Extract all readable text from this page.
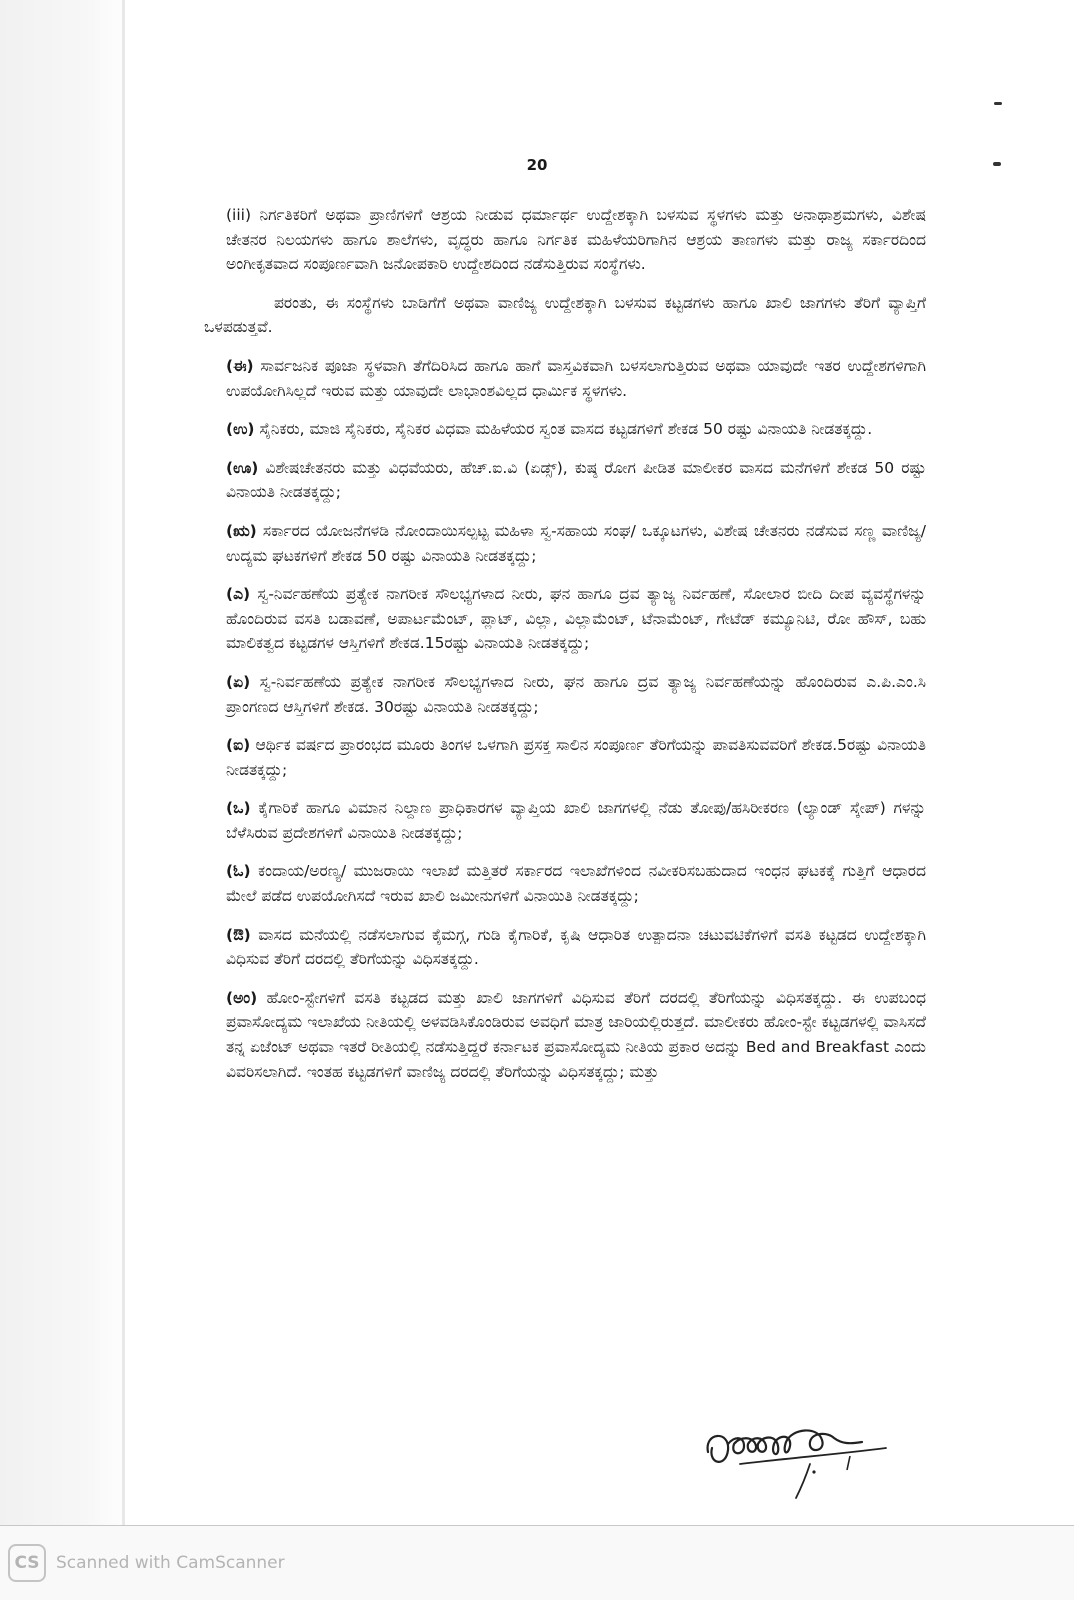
20

(iii) ನಿರ್ಗತಿಕರಿಗೆ ಅಥವಾ ಪ್ರಾಣಿಗಳಿಗೆ ಆಶ್ರಯ ನೀಡುವ ಧರ್ಮಾರ್ಥ ಉದ್ದೇಶಕ್ಕಾಗಿ ಬಳಸುವ ಸ್ಥಳಗಳು ಮತ್ತು ಅನಾಥಾಶ್ರಮಗಳು, ವಿಶೇಷ ಚೇತನರ ನಿಲಯಗಳು ಹಾಗೂ ಶಾಲೆಗಳು, ವೃದ್ಧರು ಹಾಗೂ ನಿರ್ಗತಿಕ ಮಹಿಳೆಯರಿಗಾಗಿನ ಆಶ್ರಯ ತಾಣಗಳು ಮತ್ತು ರಾಜ್ಯ ಸರ್ಕಾರದಿಂದ ಅಂಗೀಕೃತವಾದ ಸಂಪೂರ್ಣವಾಗಿ ಜನೋಪಕಾರಿ ಉದ್ದೇಶದಿಂದ ನಡೆಸುತ್ತಿರುವ ಸಂಸ್ಥೆಗಳು.

ಪರಂತು, ಈ ಸಂಸ್ಥೆಗಳು ಬಾಡಿಗೆಗೆ ಅಥವಾ ವಾಣಿಜ್ಯ ಉದ್ದೇಶಕ್ಕಾಗಿ ಬಳಸುವ ಕಟ್ಟಡಗಳು ಹಾಗೂ ಖಾಲಿ ಜಾಗಗಳು ತೆರಿಗೆ ವ್ಯಾಪ್ತಿಗೆ ಒಳಪಡುತ್ತವೆ.

(ಈ) ಸಾರ್ವಜನಿಕ ಪೂಜಾ ಸ್ಥಳವಾಗಿ ತೆಗೆದಿರಿಸಿದ ಹಾಗೂ ಹಾಗೆ ವಾಸ್ತವಿಕವಾಗಿ ಬಳಸಲಾಗುತ್ತಿರುವ ಅಥವಾ ಯಾವುದೇ ಇತರ ಉದ್ದೇಶಗಳಿಗಾಗಿ ಉಪಯೋಗಿಸಿಲ್ಲದೆ ಇರುವ ಮತ್ತು ಯಾವುದೇ ಲಾಭಾಂಶವಿಲ್ಲದ ಧಾರ್ಮಿಕ ಸ್ಥಳಗಳು.

(ಉ) ಸೈನಿಕರು, ಮಾಜಿ ಸೈನಿಕರು, ಸೈನಿಕರ ವಿಧವಾ ಮಹಿಳೆಯರ ಸ್ವಂತ ವಾಸದ ಕಟ್ಟಡಗಳಿಗೆ ಶೇಕಡ 50 ರಷ್ಟು ವಿನಾಯತಿ ನೀಡತಕ್ಕದ್ದು.

(ಊ) ವಿಶೇಷಚೇತನರು ಮತ್ತು ವಿಧವೆಯರು, ಹೆಚ್.ಐ.ವಿ (ಏಡ್ಸ್), ಕುಷ್ಠ ರೋಗ ಪೀಡಿತ ಮಾಲೀಕರ ವಾಸದ ಮನೆಗಳಿಗೆ ಶೇಕಡ 50 ರಷ್ಟು ವಿನಾಯತಿ ನೀಡತಕ್ಕದ್ದು;

(ಋ) ಸರ್ಕಾರದ ಯೋಜನೆಗಳಡಿ ನೋಂದಾಯಿಸಲ್ಪಟ್ಟ ಮಹಿಳಾ ಸ್ವ-ಸಹಾಯ ಸಂಘ/ ಒಕ್ಕೂಟಗಳು, ವಿಶೇಷ ಚೇತನರು ನಡೆಸುವ ಸಣ್ಣ ವಾಣಿಜ್ಯ/ ಉದ್ಯಮ ಘಟಕಗಳಿಗೆ ಶೇಕಡ 50 ರಷ್ಟು ವಿನಾಯತಿ ನೀಡತಕ್ಕದ್ದು;

(ಎ) ಸ್ವ-ನಿರ್ವಹಣೆಯ ಪ್ರತ್ಯೇಕ ನಾಗರೀಕ ಸೌಲಭ್ಯಗಳಾದ ನೀರು, ಘನ ಹಾಗೂ ದ್ರವ ತ್ಯಾಜ್ಯ ನಿರ್ವಹಣೆ, ಸೋಲಾರ ಬೀದಿ ದೀಪ ವ್ಯವಸ್ಥೆಗಳನ್ನು ಹೊಂದಿರುವ ವಸತಿ ಬಡಾವಣೆ, ಅಪಾರ್ಟಮೆಂಟ್, ಪ್ಲಾಟ್, ವಿಲ್ಲಾ, ವಿಲ್ಲಾಮೆಂಟ್, ಟೆನಾಮೆಂಟ್, ಗೇಟೆಡ್ ಕಮ್ಯೂನಿಟಿ, ರೋ ಹೌಸ್, ಬಹು ಮಾಲಿಕತ್ವದ ಕಟ್ಟಡಗಳ ಆಸ್ತಿಗಳಿಗೆ ಶೇಕಡ.15ರಷ್ಟು ವಿನಾಯತಿ ನೀಡತಕ್ಕದ್ದು;

(ಏ) ಸ್ವ-ನಿರ್ವಹಣೆಯ ಪ್ರತ್ಯೇಕ ನಾಗರೀಕ ಸೌಲಭ್ಯಗಳಾದ ನೀರು, ಘನ ಹಾಗೂ ದ್ರವ ತ್ಯಾಜ್ಯ ನಿರ್ವಹಣೆಯನ್ನು ಹೊಂದಿರುವ ಎ.ಪಿ.ಎಂ.ಸಿ ಪ್ರಾಂಗಣದ ಆಸ್ತಿಗಳಿಗೆ ಶೇಕಡ. 30ರಷ್ಟು ವಿನಾಯತಿ ನೀಡತಕ್ಕದ್ದು;

(ಐ) ಆರ್ಥಿಕ ವರ್ಷದ ಪ್ರಾರಂಭದ ಮೂರು ತಿಂಗಳ ಒಳಗಾಗಿ ಪ್ರಸಕ್ತ ಸಾಲಿನ ಸಂಪೂರ್ಣ ತೆರಿಗೆಯನ್ನು ಪಾವತಿಸುವವರಿಗೆ ಶೇಕಡ.5ರಷ್ಟು ವಿನಾಯತಿ ನೀಡತಕ್ಕದ್ದು;

(ಒ) ಕೈಗಾರಿಕೆ ಹಾಗೂ ವಿಮಾನ ನಿಲ್ದಾಣ ಪ್ರಾಧಿಕಾರಗಳ ವ್ಯಾಪ್ತಿಯ ಖಾಲಿ ಜಾಗಗಳಲ್ಲಿ ನೆಡು ತೋಪು/ಹಸಿರೀಕರಣ (ಲ್ಯಾಂಡ್ ಸ್ಕೇಪ್) ಗಳನ್ನು ಬೆಳೆಸಿರುವ ಪ್ರದೇಶಗಳಿಗೆ ವಿನಾಯಿತಿ ನೀಡತಕ್ಕದ್ದು;

(ಓ) ಕಂದಾಯ/ಅರಣ್ಯ/ ಮುಜರಾಯಿ ಇಲಾಖೆ ಮತ್ತಿತರೆ ಸರ್ಕಾರದ ಇಲಾಖೆಗಳಿಂದ ನವೀಕರಿಸಬಹುದಾದ ಇಂಧನ ಘಟಕಕ್ಕೆ ಗುತ್ತಿಗೆ ಆಧಾರದ ಮೇಲೆ ಪಡೆದ ಉಪಯೋಗಿಸದೆ ಇರುವ ಖಾಲಿ ಜಮೀನುಗಳಿಗೆ ವಿನಾಯಿತಿ ನೀಡತಕ್ಕದ್ದು;

(ಔ) ವಾಸದ ಮನೆಯಲ್ಲಿ ನಡೆಸಲಾಗುವ ಕೈಮಗ್ಗ, ಗುಡಿ ಕೈಗಾರಿಕೆ, ಕೃಷಿ ಆಧಾರಿತ ಉತ್ಪಾದನಾ ಚಟುವಟಿಕೆಗಳಿಗೆ ವಸತಿ ಕಟ್ಟಡದ ಉದ್ದೇಶಕ್ಕಾಗಿ ವಿಧಿಸುವ ತೆರಿಗೆ ದರದಲ್ಲಿ ತೆರಿಗೆಯನ್ನು ವಿಧಿಸತಕ್ಕದ್ದು.

(ಅಂ) ಹೋಂ-ಸ್ಟೇಗಳಿಗೆ ವಸತಿ ಕಟ್ಟಡದ ಮತ್ತು ಖಾಲಿ ಜಾಗಗಳಿಗೆ ವಿಧಿಸುವ ತೆರಿಗೆ ದರದಲ್ಲಿ ತೆರಿಗೆಯನ್ನು ವಿಧಿಸತಕ್ಕದ್ದು. ಈ ಉಪಬಂಧ ಪ್ರವಾಸೋದ್ಯಮ ಇಲಾಖೆಯ ನೀತಿಯಲ್ಲಿ ಅಳವಡಿಸಿಕೊಂಡಿರುವ ಅವಧಿಗೆ ಮಾತ್ರ ಜಾರಿಯಲ್ಲಿರುತ್ತದೆ. ಮಾಲೀಕರು ಹೋಂ-ಸ್ಟೇ ಕಟ್ಟಡಗಳಲ್ಲಿ ವಾಸಿಸದೆ ತನ್ನ ಏಜೆಂಟ್ ಅಥವಾ ಇತರೆ ರೀತಿಯಲ್ಲಿ ನಡೆಸುತ್ತಿದ್ದರೆ ಕರ್ನಾಟಕ ಪ್ರವಾಸೋದ್ಯಮ ನೀತಿಯ ಪ್ರಕಾರ ಅದನ್ನು Bed and Breakfast ಎಂದು ವಿವರಿಸಲಾಗಿದೆ. ಇಂತಹ ಕಟ್ಟಡಗಳಿಗೆ ವಾಣಿಜ್ಯ ದರದಲ್ಲಿ ತೆರಿಗೆಯನ್ನು ವಿಧಿಸತಕ್ಕದ್ದು; ಮತ್ತು

CS Scanned with CamScanner
